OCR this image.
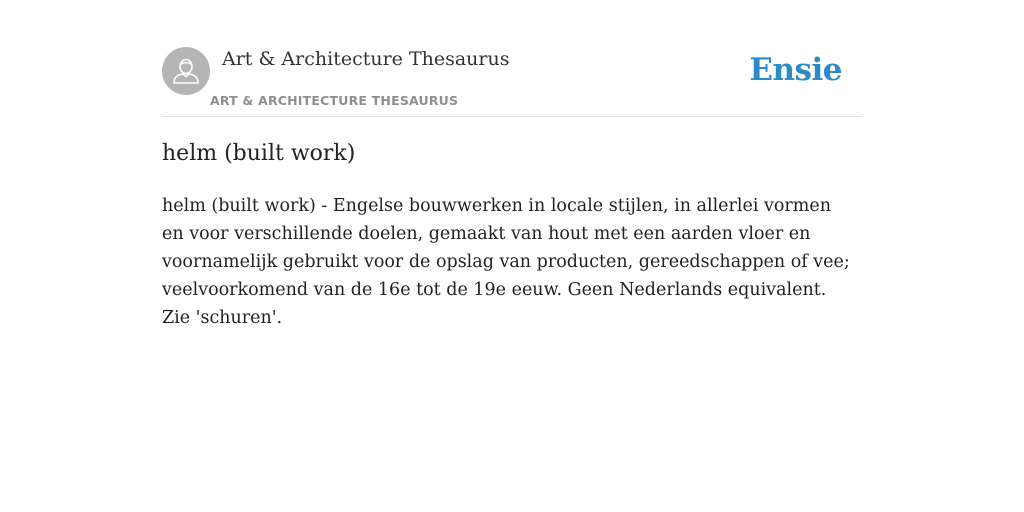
Art & Architecture Thesaurus
ART & ARCHITECTURE THESAURUS
Ensie
helm (built work)

helm (built work) - Engelse bouwwerken in locale stijlen, in allerlei vormen en voor verschillende doelen, gemaakt van hout met een aarden vloer en voornamelijk gebruikt voor de opslag van producten, gereedschappen of vee; veelvoorkomend van de 16e tot de 19e eeuw. Geen Nederlands equivalent. Zie 'schuren'.
